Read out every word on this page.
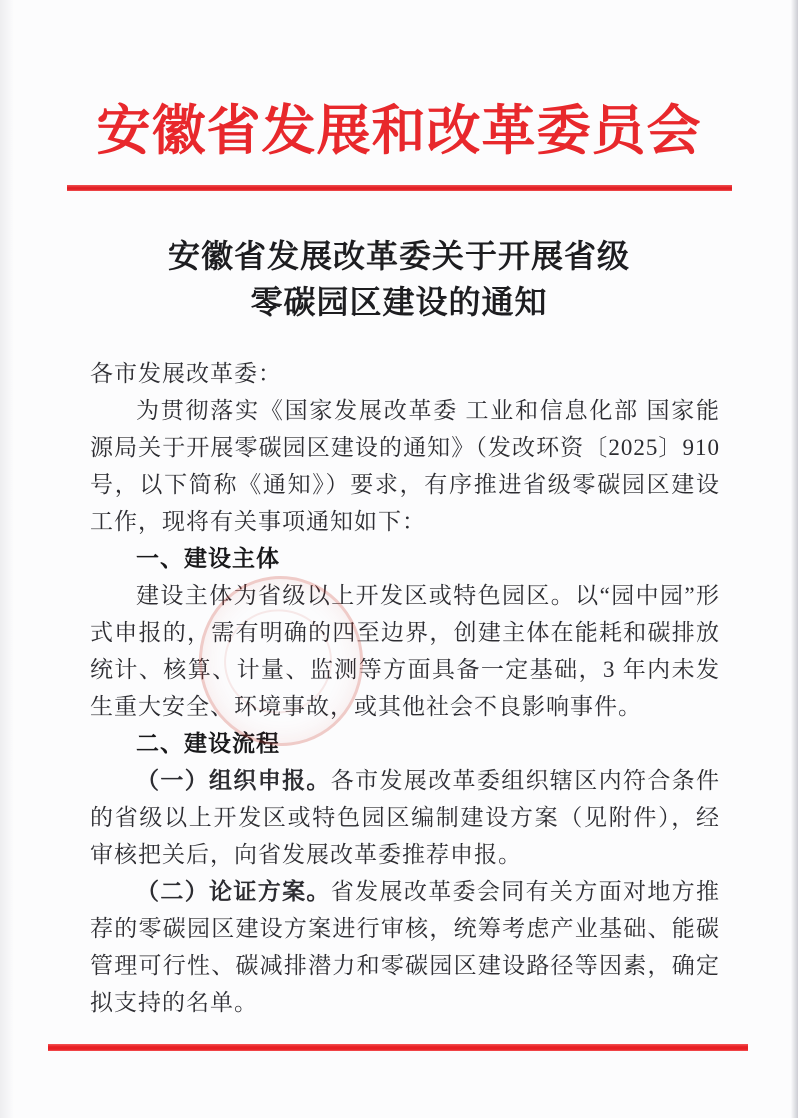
安徽省发展和改革委员会
安徽省发展改革委关于开展省级
零碳园区建设的通知

各市发展改革委：

为贯彻落实《国家发展改革委 工业和信息化部 国家能源局关于开展零碳园区建设的通知》（发改环资〔2025〕910 号，以下简称《通知》）要求，有序推进省级零碳园区建设工作，现将有关事项通知如下：

一、建设主体

建设主体为省级以上开发区或特色园区。以“园中园”形式申报的，需有明确的四至边界，创建主体在能耗和碳排放统计、核算、计量、监测等方面具备一定基础，3 年内未发生重大安全、环境事故，或其他社会不良影响事件。

二、建设流程

（一）组织申报。各市发展改革委组织辖区内符合条件的省级以上开发区或特色园区编制建设方案（见附件），经审核把关后，向省发展改革委推荐申报。

（二）论证方案。省发展改革委会同有关方面对地方推荐的零碳园区建设方案进行审核，统筹考虑产业基础、能碳管理可行性、碳减排潜力和零碳园区建设路径等因素，确定拟支持的名单。
